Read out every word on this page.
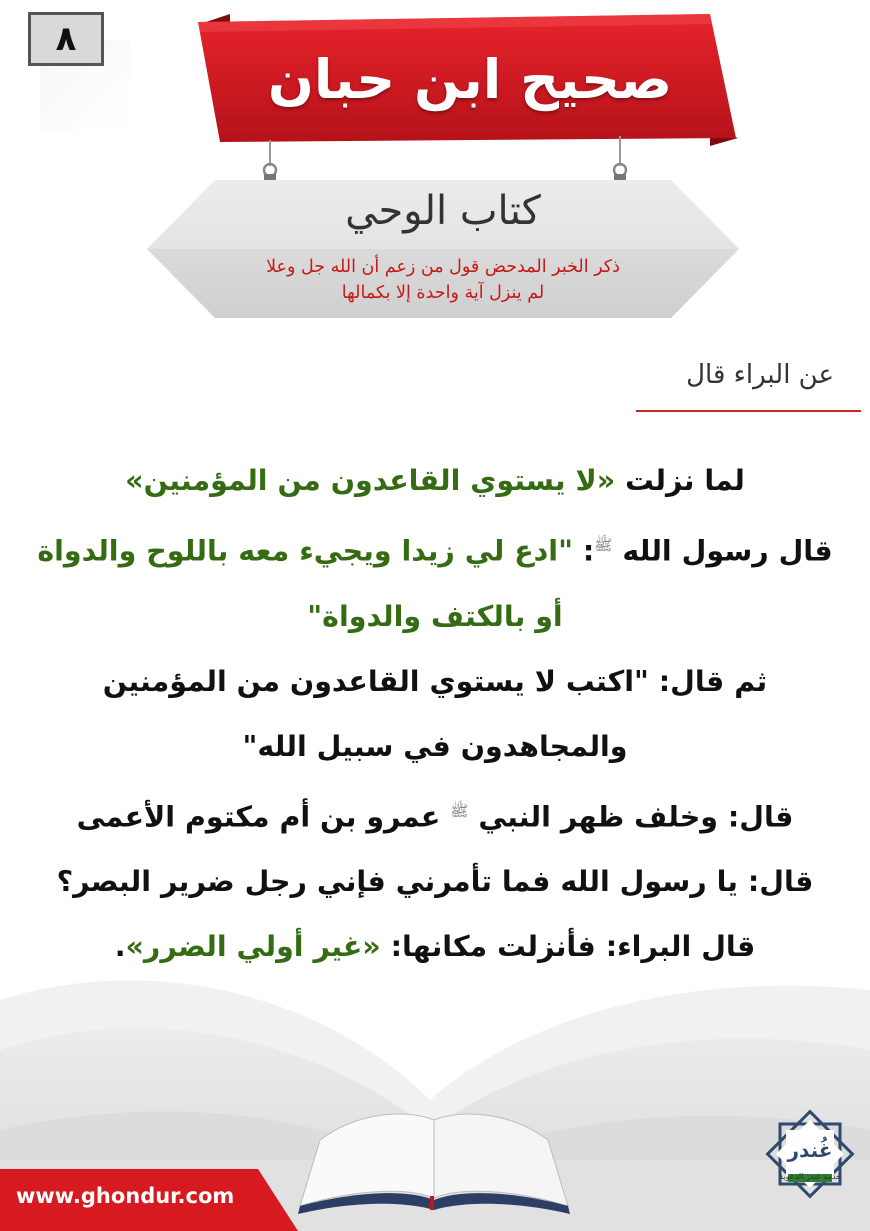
٨
صحيح ابن حبان
كتاب الوحي
ذكر الخبر المدحض قول من زعم أن الله جل وعلا
لم ينزل آية واحدة إلا بكمالها
عن البراء قال
لما نزلت «لا يستوي القاعدون من المؤمنين»
قال رسول الله $^ﷺ$: "ادع لي زيدا ويجيء معه باللوح والدواة
أو بالكتف والدواة"
ثم قال: "اكتب لا يستوي القاعدون من المؤمنين
والمجاهدون في سبيل الله"
قال: وخلف ظهر النبي $^ﷺ$ عمرو بن أم مكتوم الأعمى
قال: يا رسول الله فما تأمرني فإني رجل ضرير البصر؟
قال البراء: فأنزلت مكانها: «غير أولي الضرر».
www.ghondur.com
غُندر
خدمة غندر الدعوية
